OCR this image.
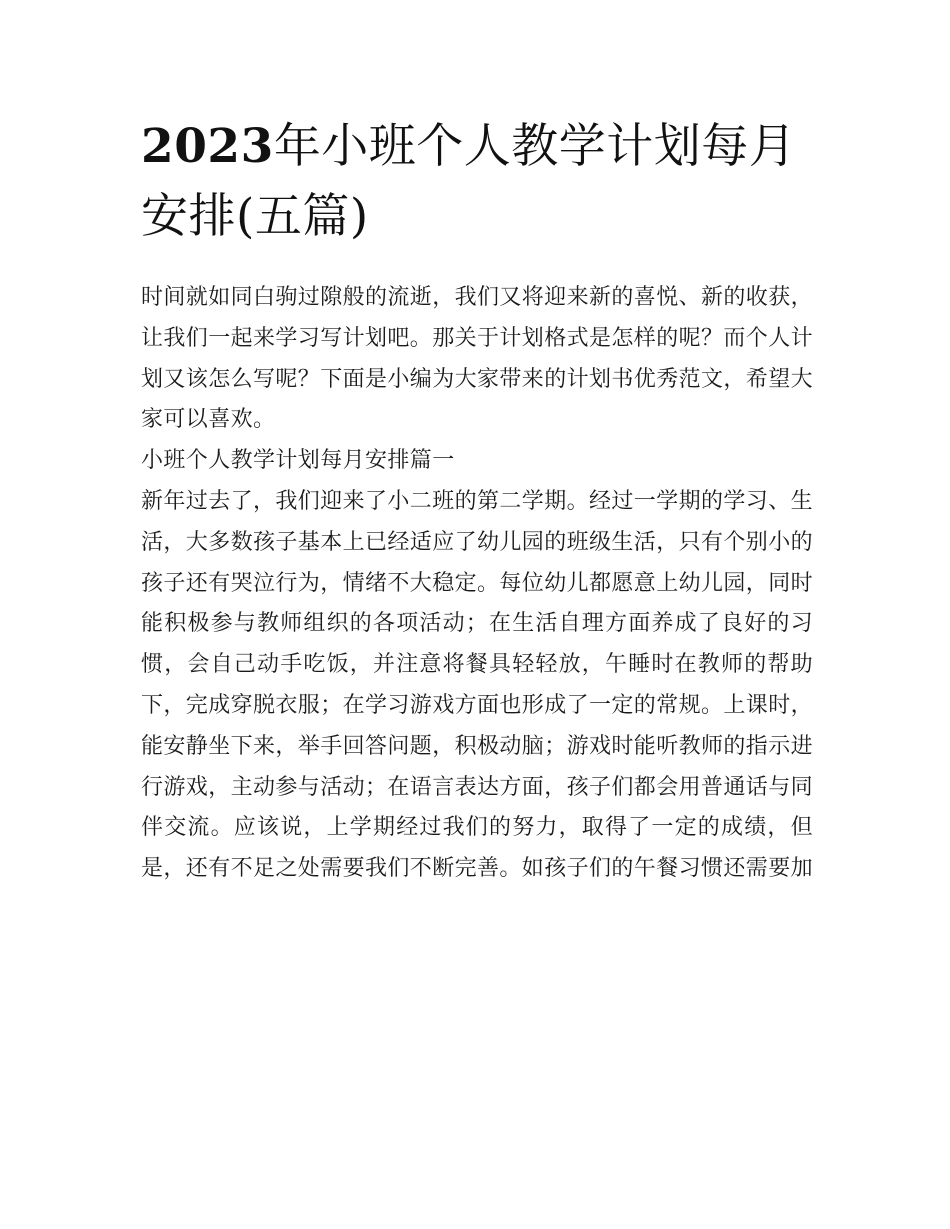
2023年小班个人教学计划每月安排(五篇)

时间就如同白驹过隙般的流逝，我们又将迎来新的喜悦、新的收获，让我们一起来学习写计划吧。那关于计划格式是怎样的呢？而个人计划又该怎么写呢？下面是小编为大家带来的计划书优秀范文，希望大家可以喜欢。

小班个人教学计划每月安排篇一

新年过去了，我们迎来了小二班的第二学期。经过一学期的学习、生活，大多数孩子基本上已经适应了幼儿园的班级生活，只有个别小的孩子还有哭泣行为，情绪不大稳定。每位幼儿都愿意上幼儿园，同时能积极参与教师组织的各项活动；在生活自理方面养成了良好的习惯，会自己动手吃饭，并注意将餐具轻轻放，午睡时在教师的帮助下，完成穿脱衣服；在学习游戏方面也形成了一定的常规。上课时，能安静坐下来，举手回答问题，积极动脑；游戏时能听教师的指示进行游戏，主动参与活动；在语言表达方面，孩子们都会用普通话与同伴交流。应该说，上学期经过我们的努力，取得了一定的成绩，但是，还有不足之处需要我们不断完善。如孩子们的午餐习惯还需要加
